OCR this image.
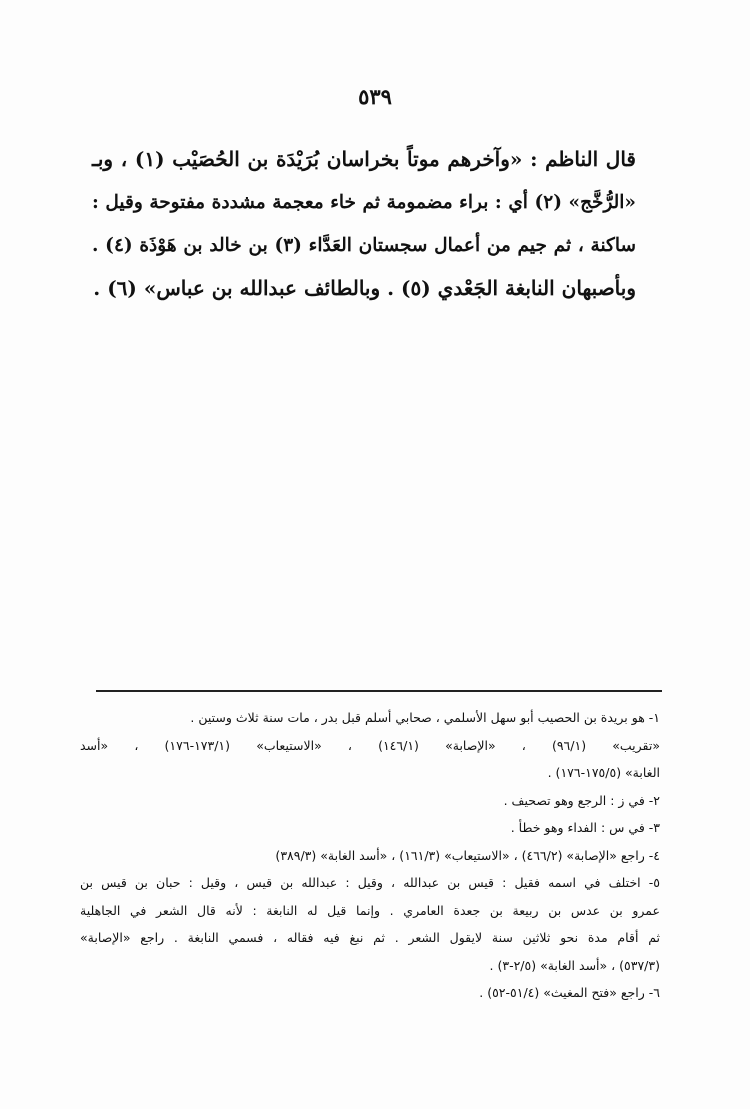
٥٣٩
قال الناظم : «وآخرهم موتاً بخراسان بُرَيْدَة بن الحُصَيْب (١) ، وبـ
«الرُّخَّج» (٢) أي : براء مضمومة ثم خاء معجمة مشددة مفتوحة وقيل :
ساكنة ، ثم جيم من أعمال سجستان العَدَّاء (٣) بن خالد بن هَوْذَة (٤) .
وبأصبهان النابغة الجَعْدي (٥) . وبالطائف عبدالله بن عباس» (٦) .
١- هو بريدة بن الحصيب أبو سهل الأسلمي ، صحابي أسلم قبل بدر ، مات سنة ثلاث وستين .
«تقريب» (٩٦/١) ، «الإصابة» (١٤٦/١) ، «الاستيعاب» (١٧٣/١-١٧٦) ، «أسد
الغابة» (١٧٥/٥-١٧٦) .
٢- في ز : الرجع وهو تصحيف .
٣- في س : الفداء وهو خطأ .
٤- راجع «الإصابة» (٤٦٦/٢) ، «الاستيعاب» (١٦١/٣) ، «أسد الغابة» (٣٨٩/٣)
٥- اختلف في اسمه فقيل : قيس بن عبدالله ، وقيل : عبدالله بن قيس ، وقيل : حبان بن قيس بن
عمرو بن عدس بن ربيعة بن جعدة العامري . وإنما قيل له النابغة : لأنه قال الشعر في الجاهلية
ثم أقام مدة نحو ثلاثين سنة لايقول الشعر . ثم نبغ فيه فقاله ، فسمي النابغة . راجع «الإصابة»
(٥٣٧/٣) ، «أسد الغابة» (٢/٥-٣) .
٦- راجع «فتح المغيث» (٥١/٤-٥٢) .
